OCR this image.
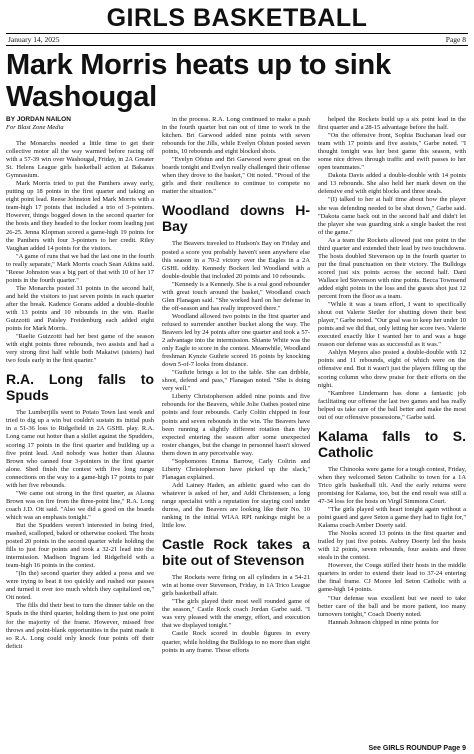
GIRLS BASKETBALL
January 14, 2025	Page 8
Mark Morris heats up to sink Washougal
BY JORDAN NAILON
For Blast Zone Media

The Monarchs needed a little time to get their collective motor all the way warmed before racing off with a 57-39 win over Washougal, Friday, in 2A Greater St. Helens League girls basketball action at Bakanus Gymnasium.

Mark Morris tried to put the Panthers away early, putting up 18 points in the first quarter and taking an eight point lead. Reese Johnston led Mark Morris with a team-high 17 points that included a trio of 3-pointers. However, things bogged down in the second quarter for the hosts and they headed to the locker room leading just 26-25. Jenna Klopman scored a game-high 19 points for the Panthers with four 3-pointers to her credit. Riley Vaughan added 14 points for the visitors.

"A game of runs that we had the last one in the fourth to really separate," Mark Morris coach Sean Atkins said. "Reese Johnston was a big part of that with 10 of her 17 points in the fourth quarter."

The Monarchs posted 31 points in the second half, and held the visitors to just seven points in each quarter after the break. Kadence Gorans added a double-double with 13 points and 10 rebounds in the win. Raelie Guizzotti and Paisley Freidenburg each added eight points for Mark Morris.

"Raelie Guizzotti had her best game of the season with eight points three rebounds, two assists and had a very strong first half while both Makaiwi (sisters) had two fouls early in the first quarter."

R.A. Long falls to Spuds

The Lumberjills went to Potato Town last week and tried to dig up a win but couldn't sustain its initial push in a 51-36 loss to Ridgefield in 2A GSHL play. R.A. Long came out hotter than a skillet against the Spudders, scoring 17 points in the first quarter and building up a five point lead. And nobody was hotter than Alauna Brown who canned four 3-pointers in the first quarter alone. Shed finish the contest with five long range connections on the way to a game-high 17 points to pair with her five rebounds.

"We came out strong in the first quarter, as Alauna Brown was on fire from the three-point line," R.A. Long coach J.D. Ott said. "Also we did a good on the boards which was an emphasis tonight."

But the Spudders weren't interested in being fried, mashed, scalloped, baked or otherwise cooked. The hosts posted 20 points in the second quarter while holding the fills to just four points and took a 32-21 lead into the intermission. Madison Ingram led Ridgefield with a team-high 16 points in the contest.

"(In the) second quarter they added a press and we were trying to beat it too quickly and rushed our passes and turned it over too much which they capitalized on," Ott noted.

The fills did their best to turn the dinner table on the Spuds in the third quarter, holding them to just one point for the majority of the frame. However, missed free throws and point-blank opportunities in the paint made it so R.A. Long could only knock four points off their deficit

in the process. R.A. Long continued to make a push in the fourth quarter but ran out of time to work in the kitchen. Bri Garwood added nine points with seven rebounds for the Jills, while Evelyn Olstun posted seven points, 10 rebounds and eight blocked shots.

"Evelyn Ofstun and Bri Garwood were great on the boards tonight and Evelyn really challenged their offense when they drove to the basket," Ott noted. "Proud of the girls and their resilience to continue to compete no matter the situation."

Woodland downs H-Bay

The Beavers traveled to Hudson's Bay on Friday and posted a score you probably haven't seen anywhere else this season in a 70-2 victory over the Eagles in a 2A GSHL oddity. Kennedy Bockert led Woodland with a double-double that included 20 points and 10 rebounds.

"Kennedy is a Kennedy. She is a real good rebounder with great touch around the basket," Woodland coach Glen Flanagan said. "She worked hard on her defense in the off-season and has really improved there."

Woodland allowed two points in the first quarter and refused to surrender another bucket along the way. The Beavers led by 24 points after one quarter and took a 57-2 advantage into the intermission. Shiante White was the only Eagle to score in the contest. Meanwhile, Woodland freshman Kynzie Guthrie scored 16 points by knocking down 5-of-7 looks from distance.

"Guthrie brings a lot to the table. She can dribble, shoot, defend and pass," Flanagan noted. "She is doing very well."

Liberty Christopherson added nine points and five rebounds for the Beavers, while Jolie Oathes posted nine points and four rebounds. Carly Coltin chipped in four points and seven rebounds in the win. The Beavers have been running a slightly different rotation than they expected entering the season after some unexpected roster changes, but the change in personnel hasn't slowed them down in any perceivable way.

"Sophomores Emma Barrow, Carly Coltrin and Liberty Christopherson have picked up the slack," Flanagan explained.

Add Lainey Haden, an athletic guard who can do whatever is asked of her, and Addi Christensen, a long range specialist with a reputation for staying cool under duress, and the Beavers are looking like their No. 10 ranking in the initial WIAA RPI rankings might be a little low.

Castle Rock takes a bite out of Stevenson

The Rockets were firing on all cylinders in a 54-21 win at home over Stevenson, Friday, in 1A Trico League girls basketball affair.

"The girls played their most well rounded game of the season," Castle Rock coach Jordan Garbe said. "I was very pleased with the energy, effort, and execution that we displayed tonight."

Castle Rock scored in double figures in every quarter, while holding the Bulldogs to no more than eight points in any frame. Those efforts

helped the Rockets build up a six point lead in the first quarter and a 28-15 advantage before the half.

"On the offensive front, Sophia Buchanan lead our team with 17 points and five assists," Garbe noted. "I thought tonight was her best game this season, with some nice drives through traffic and swift passes to her open teammates."

Dakota Davis added a double-double with 14 points and 13 rebounds. She also held her mark down on the defensive end with eight blocks and three steals.

"(I) talked to her at half time about how the player she was defending needed to be shut down," Garbe said. "Dakota came back out in the second half and didn't let the player she was guarding sink a single basket the rest of the game."

As a team the Rockets allowed just one point in the third quarter and extended their lead by two touchdowns. The hosts doubled Stevenson up in the fourth quarter to put the final punctuation on their victory. The Bulldogs scored just six points across the second half. Dani Wallace led Stevenson with nine points. Becca Townsend added eight points in the loss and the guests shot just 12 percent from the floor as a team.

"While it was a team effort, I want to specifically shout out Valerie Stetler for shutting down their best player," Garbe noted. "Our goal was to keep her under 10 points and we did that, only letting her score two. Valerie executed exactly like I wanted her to and was a huge reason our defense was as successful as it was."

Ashlyn Meyers also posted a double-double with 12 points and 11 rebounds, eight of which were on the offensive end. But it wasn't just the players filling up the scoring column who drew praise for their efforts on the night.

"Kambree Lindemann has done a fantastic job facilitating our offense the last two games and has really helped us take care of the ball better and make the most out of our offensive possessions," Garbe said.

Kalama falls to S. Catholic

The Chinooks were game for a tough contest, Friday, when they welcomed Seton Catholic to town for a 1A Trico girls basketball tilt. And the early returns were promising for Kalama, too, but the end result was still a 47-34 loss for the hosts on Virgil Simmons Court.

"The girls played with heart tonight again without a point guard and gave Seton a game they had to fight for," Kalama coach Amber Doerty said.

The Nooks scored 13 points in the first quarter and trailed by just five points. Aubrey Doerty led the hosts with 12 points, seven rebounds, four assists and three steals in the contest.

However, the Cougs stifled their hosts in the middle quarters in order to extend their lead to 37-24 entering the final frame. CJ Moore led Seton Catholic with a game-high 14 points.

"Our defense was excellent but we need to take better care of the ball and be more patient, too many turnovers tonight," Coach Doerty noted.

Hannah Johnson chipped in nine points for

See GIRLS ROUNDUP Page 9
